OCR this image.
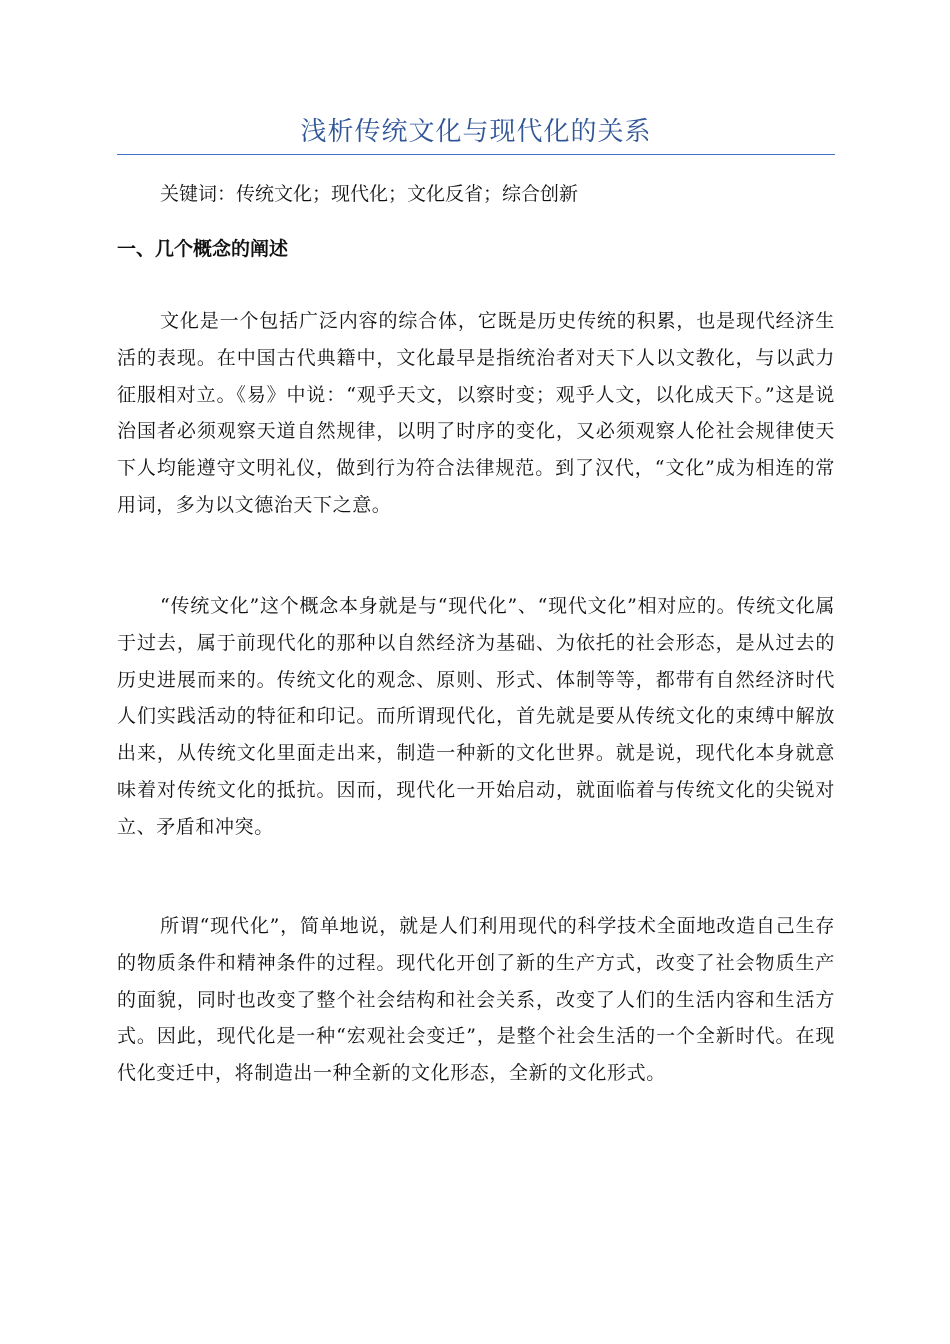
浅析传统文化与现代化的关系
关键词：传统文化；现代化；文化反省；综合创新
一、几个概念的阐述

文化是一个包括广泛内容的综合体，它既是历史传统的积累，也是现代经济生活的表现。在中国古代典籍中，文化最早是指统治者对天下人以文教化，与以武力征服相对立。《易》中说：“观乎天文，以察时变；观乎人文，以化成天下。”这是说治国者必须观察天道自然规律，以明了时序的变化，又必须观察人伦社会规律使天下人均能遵守文明礼仪，做到行为符合法律规范。到了汉代，“文化”成为相连的常用词，多为以文德治天下之意。

“传统文化”这个概念本身就是与“现代化”、“现代文化”相对应的。传统文化属于过去，属于前现代化的那种以自然经济为基础、为依托的社会形态，是从过去的历史进展而来的。传统文化的观念、原则、形式、体制等等，都带有自然经济时代人们实践活动的特征和印记。而所谓现代化，首先就是要从传统文化的束缚中解放出来，从传统文化里面走出来，制造一种新的文化世界。就是说，现代化本身就意味着对传统文化的抵抗。因而，现代化一开始启动，就面临着与传统文化的尖锐对立、矛盾和冲突。

所谓“现代化”，简单地说，就是人们利用现代的科学技术全面地改造自己生存的物质条件和精神条件的过程。现代化开创了新的生产方式，改变了社会物质生产的面貌，同时也改变了整个社会结构和社会关系，改变了人们的生活内容和生活方式。因此，现代化是一种“宏观社会变迁”，是整个社会生活的一个全新时代。在现代化变迁中，将制造出一种全新的文化形态，全新的文化形式。
